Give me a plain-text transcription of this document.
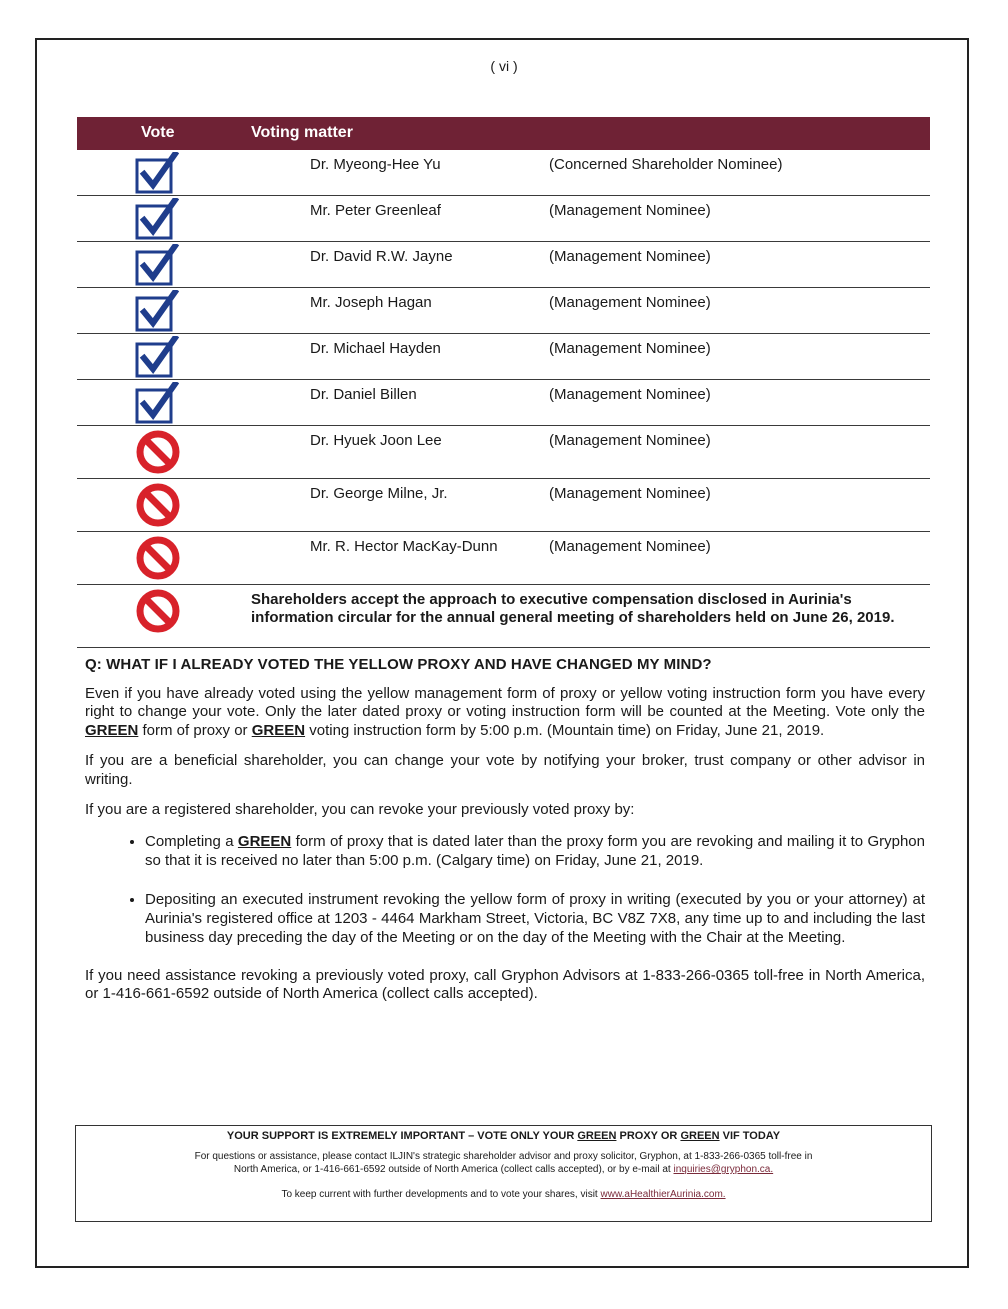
( vi )
Vote	Voting matter
Dr. Myeong-Hee Yu	(Concerned Shareholder Nominee)
Mr. Peter Greenleaf	(Management Nominee)
Dr. David R.W. Jayne	(Management Nominee)
Mr. Joseph Hagan	(Management Nominee)
Dr. Michael Hayden	(Management Nominee)
Dr. Daniel Billen	(Management Nominee)
Dr. Hyuek Joon Lee	(Management Nominee)
Dr. George Milne, Jr.	(Management Nominee)
Mr. R. Hector MacKay-Dunn	(Management Nominee)
Shareholders accept the approach to executive compensation disclosed in Aurinia's information circular for the annual general meeting of shareholders held on June 26, 2019.
Q: WHAT IF I ALREADY VOTED THE YELLOW PROXY AND HAVE CHANGED MY MIND?

Even if you have already voted using the yellow management form of proxy or yellow voting instruction form you have every right to change your vote. Only the later dated proxy or voting instruction form will be counted at the Meeting. Vote only the GREEN form of proxy or GREEN voting instruction form by 5:00 p.m. (Mountain time) on Friday, June 21, 2019.

If you are a beneficial shareholder, you can change your vote by notifying your broker, trust company or other advisor in writing.

If you are a registered shareholder, you can revoke your previously voted proxy by:

• Completing a GREEN form of proxy that is dated later than the proxy form you are revoking and mailing it to Gryphon so that it is received no later than 5:00 p.m. (Calgary time) on Friday, June 21, 2019.
• Depositing an executed instrument revoking the yellow form of proxy in writing (executed by you or your attorney) at Aurinia's registered office at 1203 - 4464 Markham Street, Victoria, BC V8Z 7X8, any time up to and including the last business day preceding the day of the Meeting or on the day of the Meeting with the Chair at the Meeting.

If you need assistance revoking a previously voted proxy, call Gryphon Advisors at 1-833-266-0365 toll-free in North America, or 1-416-661-6592 outside of North America (collect calls accepted).

YOUR SUPPORT IS EXTREMELY IMPORTANT – VOTE ONLY YOUR GREEN PROXY OR GREEN VIF TODAY
For questions or assistance, please contact ILJIN's strategic shareholder advisor and proxy solicitor, Gryphon, at 1-833-266-0365 toll-free in
North America, or 1-416-661-6592 outside of North America (collect calls accepted), or by e-mail at inquiries@gryphon.ca.
To keep current with further developments and to vote your shares, visit www.aHealthierAurinia.com.
